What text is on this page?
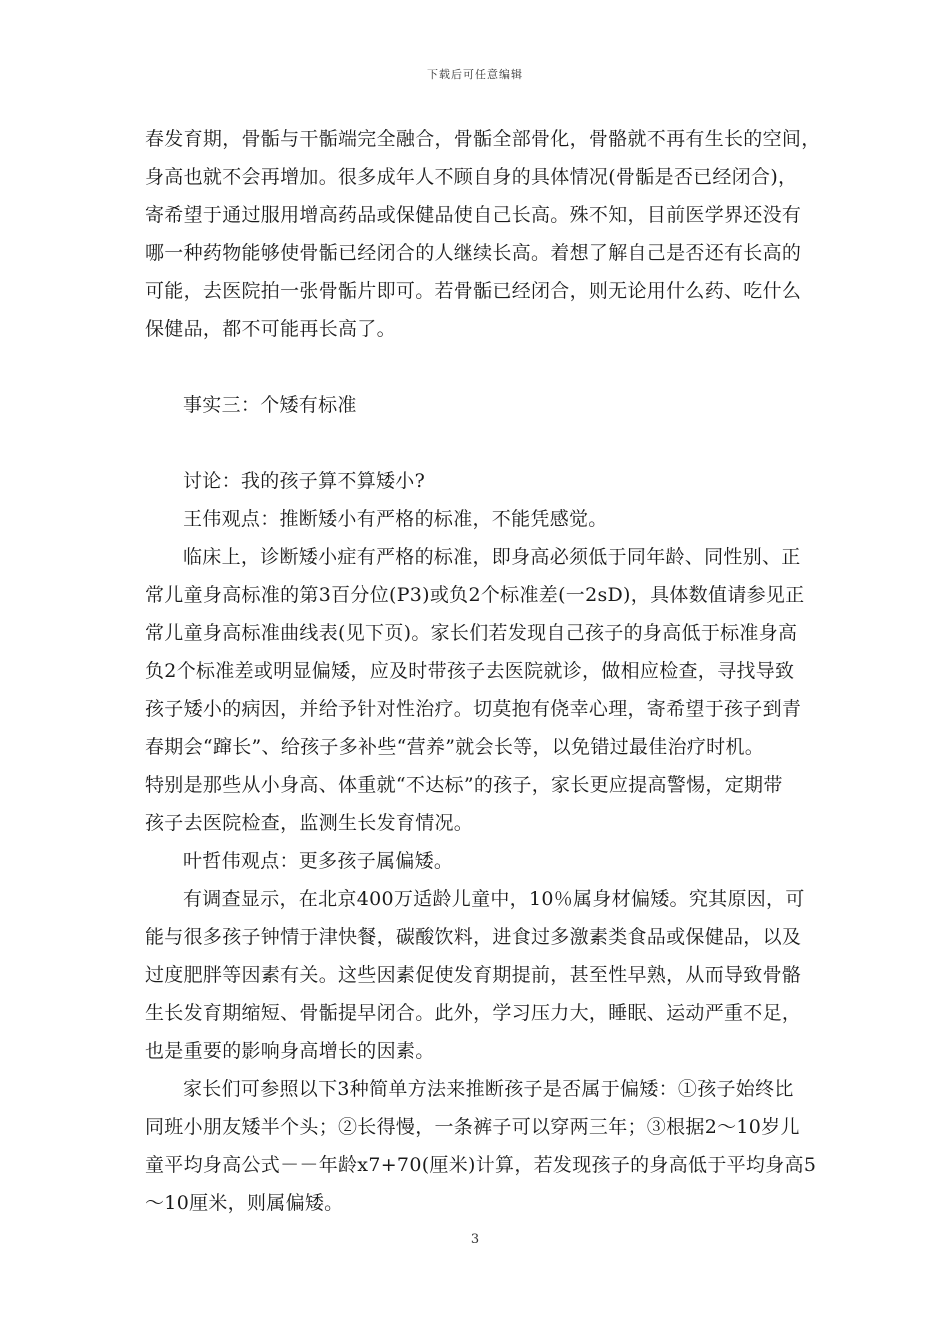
下载后可任意编辑
春发育期，骨骺与干骺端完全融合，骨骺全部骨化，骨骼就不再有生长的空间，
身高也就不会再增加。很多成年人不顾自身的具体情况(骨骺是否已经闭合)，
寄希望于通过服用增高药品或保健品使自己长高。殊不知，目前医学界还没有
哪一种药物能够使骨骺已经闭合的人继续长高。着想了解自己是否还有长高的
可能，去医院拍一张骨骺片即可。若骨骺已经闭合，则无论用什么药、吃什么
保健品，都不可能再长高了。
事实三：个矮有标准
讨论：我的孩子算不算矮小?
王伟观点：推断矮小有严格的标准，不能凭感觉。
临床上，诊断矮小症有严格的标准，即身高必须低于同年龄、同性别、正
常儿童身高标准的第3百分位(P3)或负2个标准差(一2sD)，具体数值请参见正
常儿童身高标准曲线表(见下页)。家长们若发现自己孩子的身高低于标准身高
负2个标准差或明显偏矮，应及时带孩子去医院就诊，做相应检查，寻找导致
孩子矮小的病因，并给予针对性治疗。切莫抱有侥幸心理，寄希望于孩子到青
春期会“蹿长”、给孩子多补些“营养”就会长等，以免错过最佳治疗时机。
特别是那些从小身高、体重就“不达标”的孩子，家长更应提高警惕，定期带
孩子去医院检查，监测生长发育情况。
叶哲伟观点：更多孩子属偏矮。
有调查显示，在北京400万适龄儿童中，10％属身材偏矮。究其原因，可
能与很多孩子钟情于津快餐，碳酸饮料，进食过多激素类食品或保健品，以及
过度肥胖等因素有关。这些因素促使发育期提前，甚至性早熟，从而导致骨骼
生长发育期缩短、骨骺提早闭合。此外，学习压力大，睡眠、运动严重不足，
也是重要的影响身高增长的因素。
家长们可参照以下3种简单方法来推断孩子是否属于偏矮：①孩子始终比
同班小朋友矮半个头；②长得慢，一条裤子可以穿两三年；③根据2～10岁儿
童平均身高公式－－年龄x7+70(厘米)计算，若发现孩子的身高低于平均身高5
～10厘米，则属偏矮。
3
